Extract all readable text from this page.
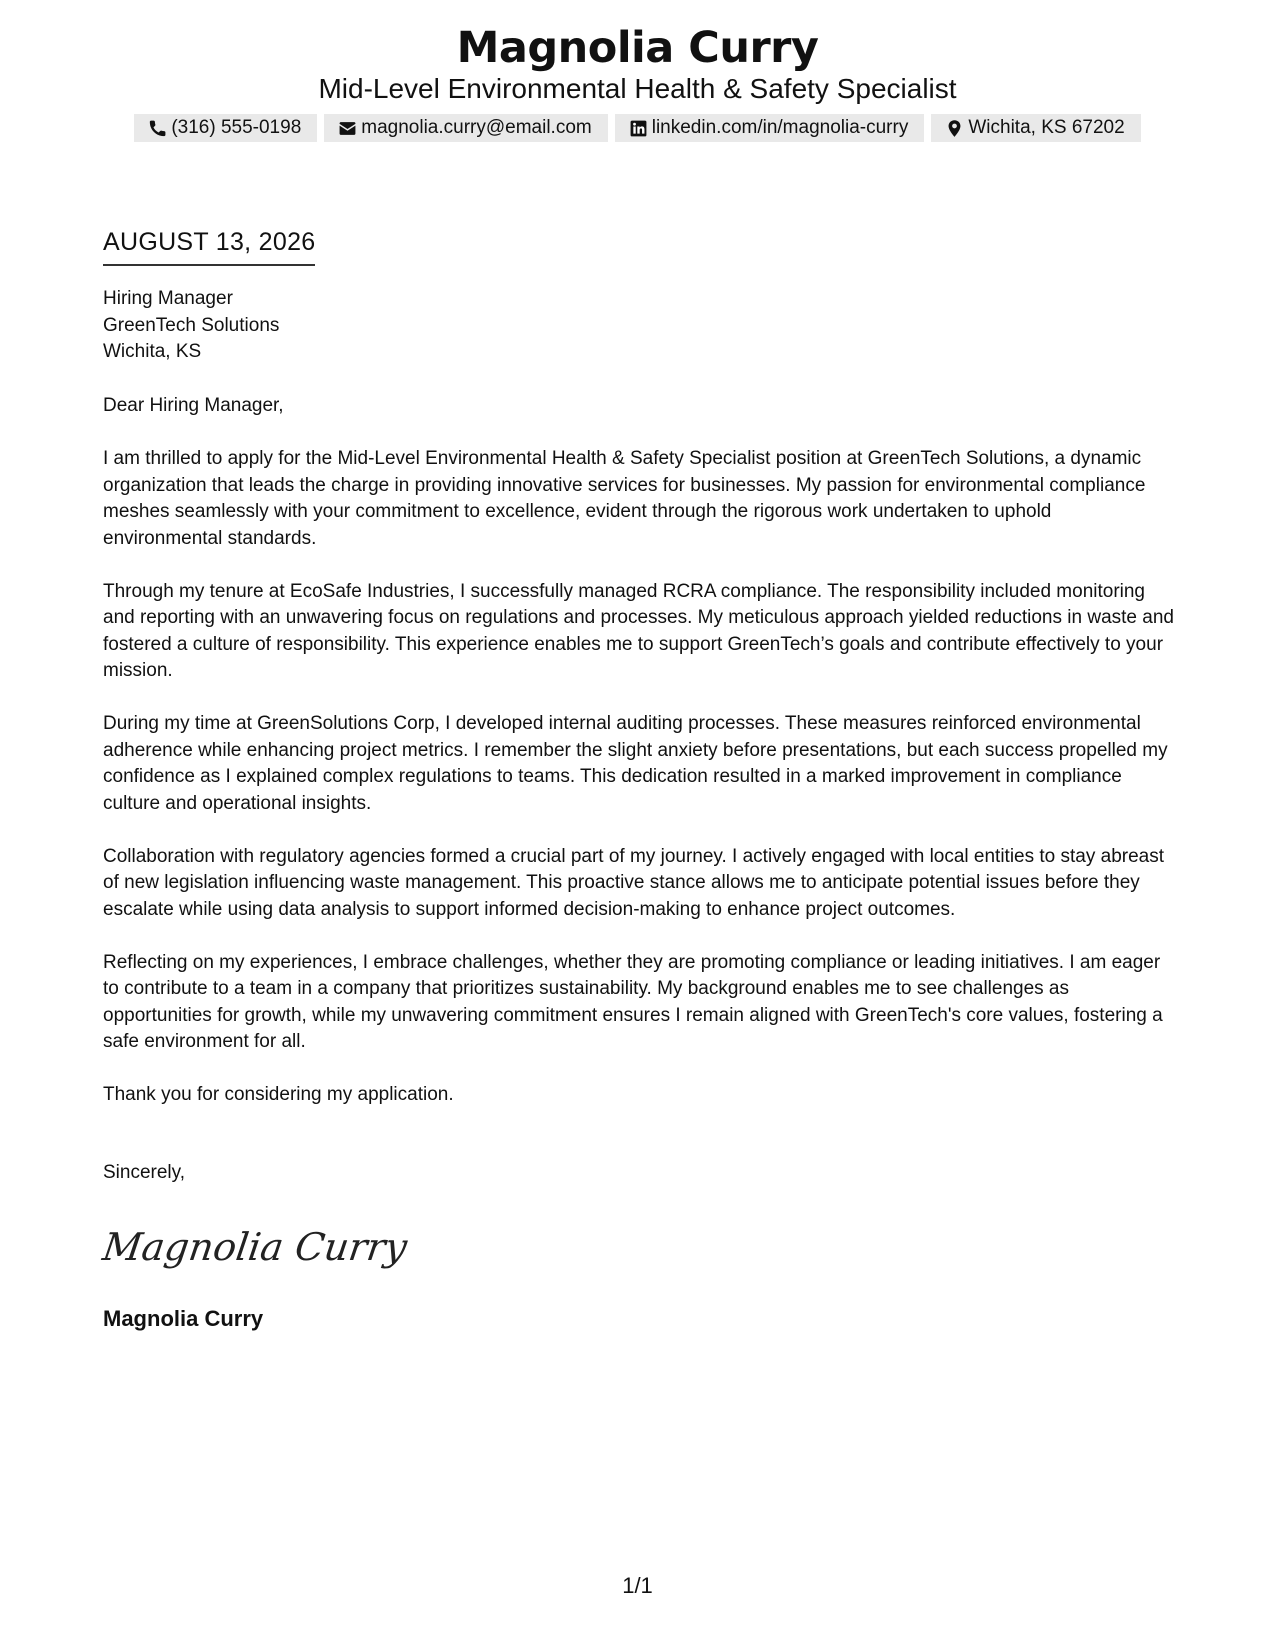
Magnolia Curry
Mid-Level Environmental Health & Safety Specialist
(316) 555-0198	magnolia.curry@email.com	linkedin.com/in/magnolia-curry	Wichita, KS 67202
AUGUST 13, 2026
Hiring Manager
GreenTech Solutions
Wichita, KS

Dear Hiring Manager,

I am thrilled to apply for the Mid-Level Environmental Health & Safety Specialist position at GreenTech Solutions, a dynamic organization that leads the charge in providing innovative services for businesses. My passion for environmental compliance meshes seamlessly with your commitment to excellence, evident through the rigorous work undertaken to uphold environmental standards.

Through my tenure at EcoSafe Industries, I successfully managed RCRA compliance. The responsibility included monitoring and reporting with an unwavering focus on regulations and processes. My meticulous approach yielded reductions in waste and fostered a culture of responsibility. This experience enables me to support GreenTech’s goals and contribute effectively to your mission.

During my time at GreenSolutions Corp, I developed internal auditing processes. These measures reinforced environmental adherence while enhancing project metrics. I remember the slight anxiety before presentations, but each success propelled my confidence as I explained complex regulations to teams. This dedication resulted in a marked improvement in compliance culture and operational insights.

Collaboration with regulatory agencies formed a crucial part of my journey. I actively engaged with local entities to stay abreast of new legislation influencing waste management. This proactive stance allows me to anticipate potential issues before they escalate while using data analysis to support informed decision-making to enhance project outcomes.

Reflecting on my experiences, I embrace challenges, whether they are promoting compliance or leading initiatives. I am eager to contribute to a team in a company that prioritizes sustainability. My background enables me to see challenges as opportunities for growth, while my unwavering commitment ensures I remain aligned with GreenTech's core values, fostering a safe environment for all.

Thank you for considering my application.

Sincerely,
Magnolia Curry
Magnolia Curry
1/1
